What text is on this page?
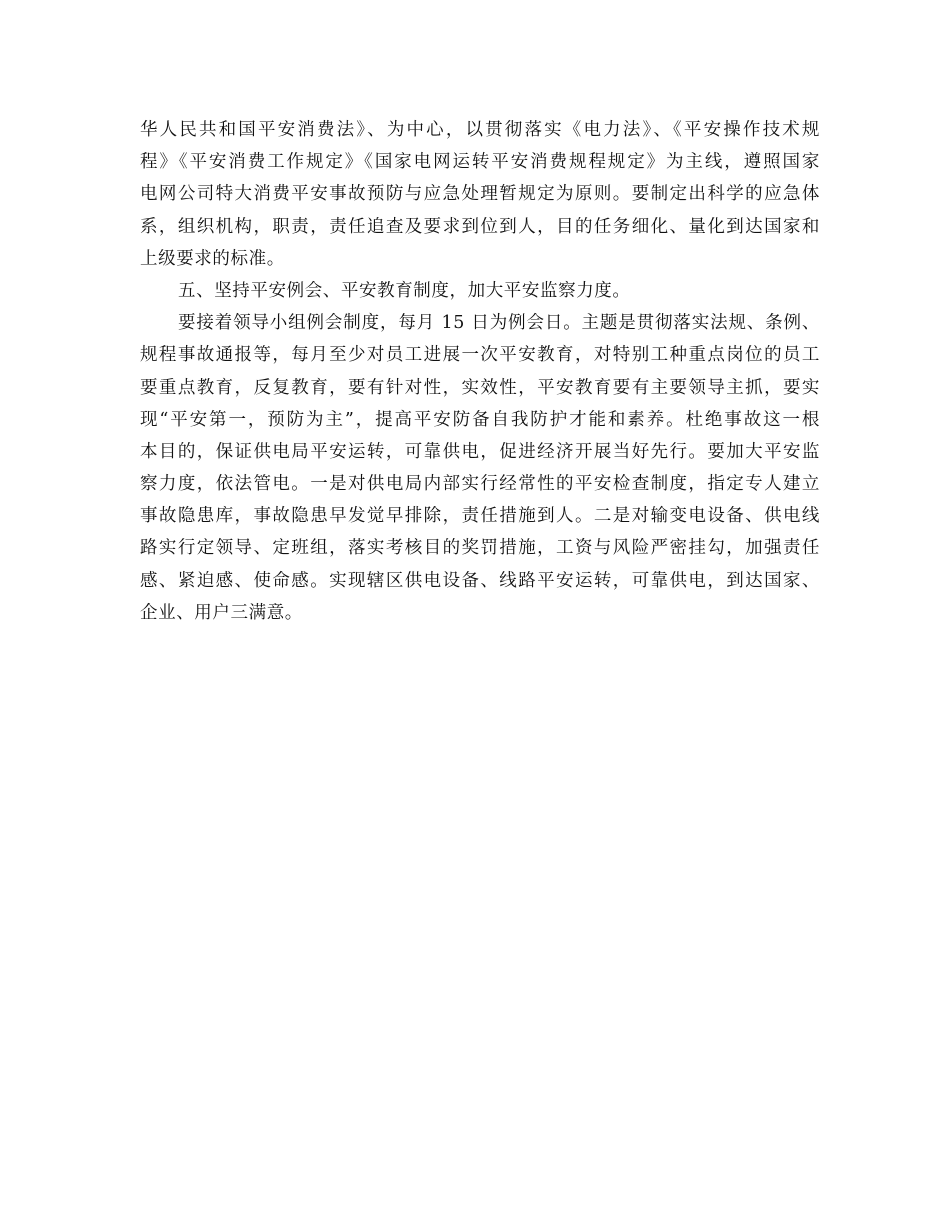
华人民共和国平安消费法》、为中心，以贯彻落实《电力法》、《平安操作技术规
程》《平安消费工作规定》《国家电网运转平安消费规程规定》为主线，遵照国家
电网公司特大消费平安事故预防与应急处理暂规定为原则。要制定出科学的应急体
系，组织机构，职责，责任追查及要求到位到人，目的任务细化、量化到达国家和
上级要求的标准。
五、坚持平安例会、平安教育制度，加大平安监察力度。
要接着领导小组例会制度，每月 15 日为例会日。主题是贯彻落实法规、条例、
规程事故通报等，每月至少对员工进展一次平安教育，对特别工种重点岗位的员工
要重点教育，反复教育，要有针对性，实效性，平安教育要有主要领导主抓，要实
现“平安第一，预防为主”，提高平安防备自我防护才能和素养。杜绝事故这一根
本目的，保证供电局平安运转，可靠供电，促进经济开展当好先行。要加大平安监
察力度，依法管电。一是对供电局内部实行经常性的平安检查制度，指定专人建立
事故隐患库，事故隐患早发觉早排除，责任措施到人。二是对输变电设备、供电线
路实行定领导、定班组，落实考核目的奖罚措施，工资与风险严密挂勾，加强责任
感、紧迫感、使命感。实现辖区供电设备、线路平安运转，可靠供电，到达国家、
企业、用户三满意。
